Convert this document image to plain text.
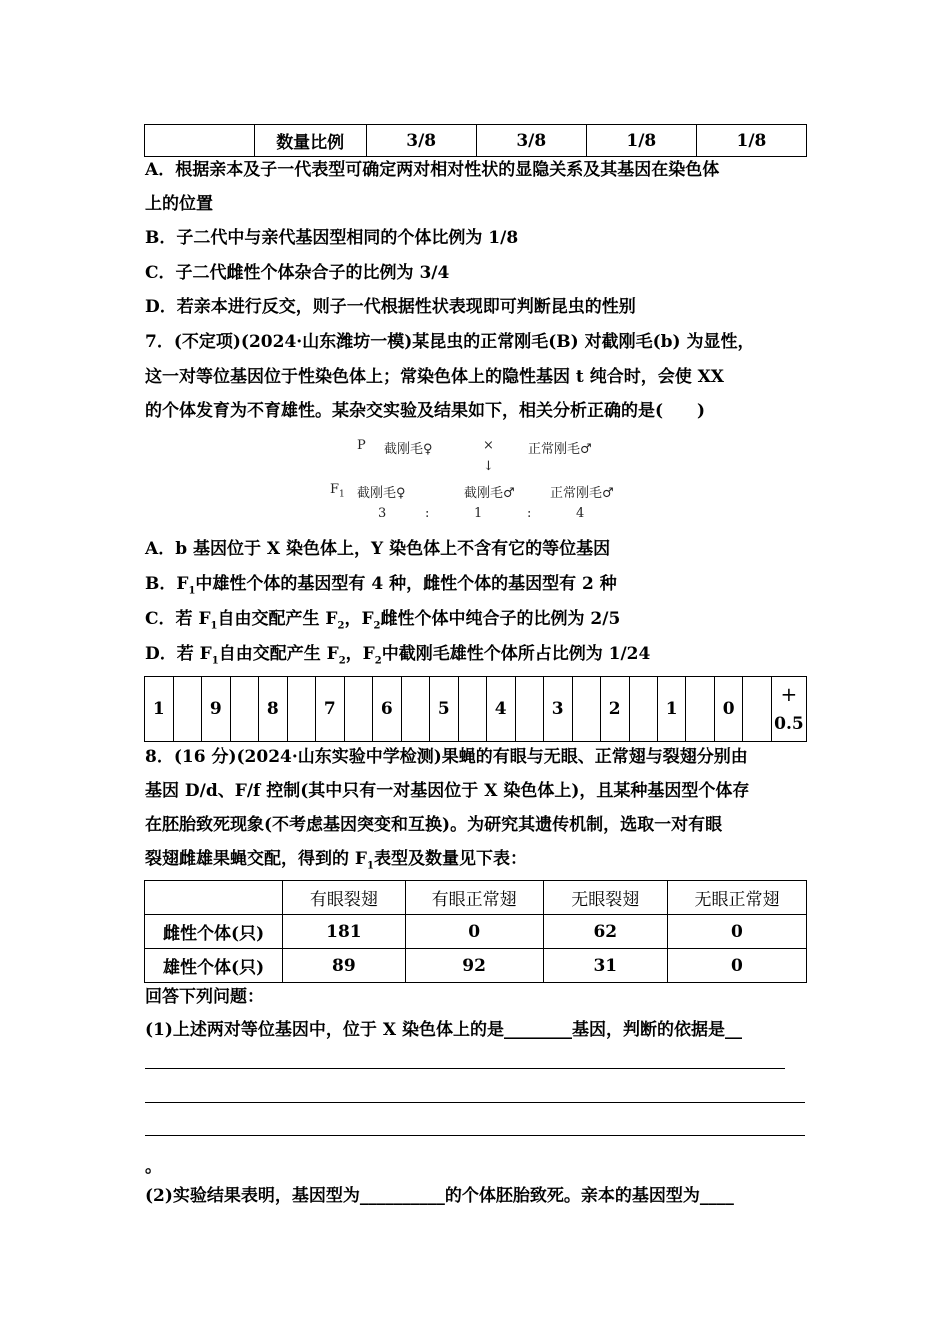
	数量比例	3/8	3/8	1/8	1/8
A．根据亲本及子一代表型可确定两对相对性状的显隐关系及其基因在染色体
上的位置
B．子二代中与亲代基因型相同的个体比例为 1/8
C．子二代雌性个体杂合子的比例为 3/4
D．若亲本进行反交，则子一代根据性状表现即可判断昆虫的性别
7．(不定项)(2024·山东潍坊一模)某昆虫的正常刚毛(B) 对截刚毛(b) 为显性，
这一对等位基因位于性染色体上；常染色体上的隐性基因 t 纯合时，会使 XX
的个体发育为不育雄性。某杂交实验及结果如下，相关分析正确的是(　　)
P 截刚毛♀	×	正常刚毛♂
↓
$F_1$ 截刚毛♀	截刚毛♂	正常刚毛♂
3	:	1	:	4
A．b 基因位于 X 染色体上，Y 染色体上不含有它的等位基因
B．$F_1$中雄性个体的基因型有 4 种，雌性个体的基因型有 2 种
C．若 $F_1$自由交配产生 $F_2$，$F_2$雌性个体中纯合子的比例为 2/5
D．若 $F_1$自由交配产生 $F_2$，$F_2$中截刚毛雄性个体所占比例为 1/24
1		9		8		7		6		5		4		3		2		1		0		
+
0.5
8．(16 分)(2024·山东实验中学检测)果蝇的有眼与无眼、正常翅与裂翅分别由
基因 D/d、F/f 控制(其中只有一对基因位于 X 染色体上)，且某种基因型个体存
在胚胎致死现象(不考虑基因突变和互换)。为研究其遗传机制，选取一对有眼
裂翅雌雄果蝇交配，得到的 $F_1$表型及数量见下表：
	有眼裂翅	有眼正常翅	无眼裂翅	无眼正常翅
雌性个体(只)	181	0	62	0
雄性个体(只)	89	92	31	0
回答下列问题：
(1)上述两对等位基因中，位于 X 染色体上的是________基因，判断的依据是__
。
(2)实验结果表明，基因型为__________的个体胚胎致死。亲本的基因型为____
